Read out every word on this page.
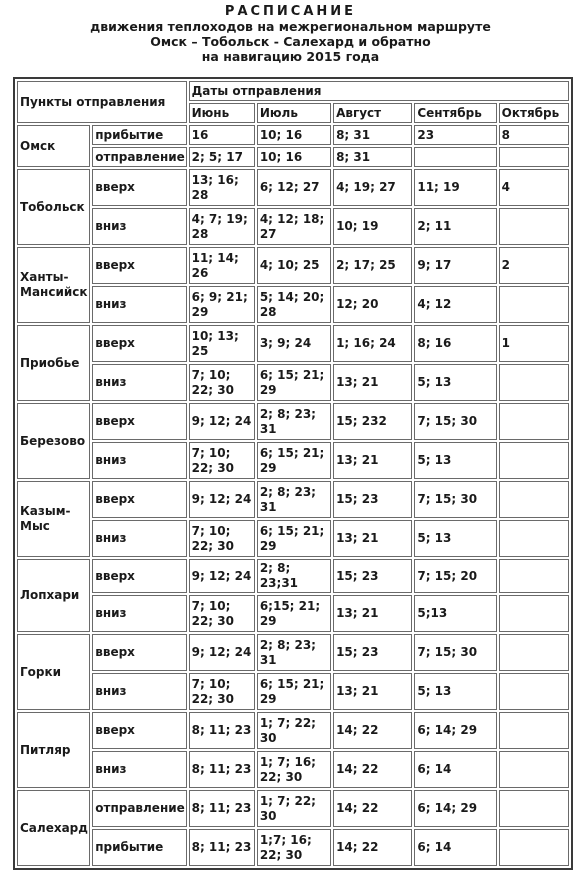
РАСПИСАНИЕ
движения теплоходов на межрегиональном маршруте
Омск – Тобольск - Салехард и обратно
на навигацию 2015 года
Пункты отправления		Даты отправления				
		Июнь	Июль	Август	Сентябрь	Октябрь
Омск	прибытие	16	10; 16	8; 31	23	8
	отправление	2; 5; 17	10; 16	8; 31		
Тобольск	вверх	13; 16; 28	6; 12; 27	4; 19; 27	11; 19	4
	вниз	4; 7; 19; 28	4; 12; 18; 27	10; 19	2; 11	
Ханты-Мансийск	вверх	11; 14; 26	4; 10; 25	2; 17; 25	9; 17	2
	вниз	6; 9; 21; 29	5; 14; 20; 28	12; 20	4; 12	
Приобье	вверх	10; 13; 25	3; 9; 24	1; 16; 24	8; 16	1
	вниз	7; 10; 22; 30	6; 15; 21; 29	13; 21	5; 13	
Березово	вверх	9; 12; 24	2; 8; 23; 31	15; 232	7; 15; 30	
	вниз	7; 10; 22; 30	6; 15; 21; 29	13; 21	5; 13	
Казым-Мыс	вверх	9; 12; 24	2; 8; 23; 31	15; 23	7; 15; 30	
	вниз	7; 10; 22; 30	6; 15; 21; 29	13; 21	5; 13	
Лопхари	вверх	9; 12; 24	2; 8; 23;31	15; 23	7; 15; 20	
	вниз	7; 10; 22; 30	6;15; 21; 29	13; 21	5;13	
Горки	вверх	9; 12; 24	2; 8; 23; 31	15; 23	7; 15; 30	
	вниз	7; 10; 22; 30	6; 15; 21; 29	13; 21	5; 13	
Питляр	вверх	8; 11; 23	1; 7; 22; 30	14; 22	6; 14; 29	
	вниз	8; 11; 23	1; 7; 16; 22; 30	14; 22	6; 14	
Салехард	отправление	8; 11; 23	1; 7; 22; 30	14; 22	6; 14; 29	
	прибытие	8; 11; 23	1;7; 16; 22; 30	14; 22	6; 14	
